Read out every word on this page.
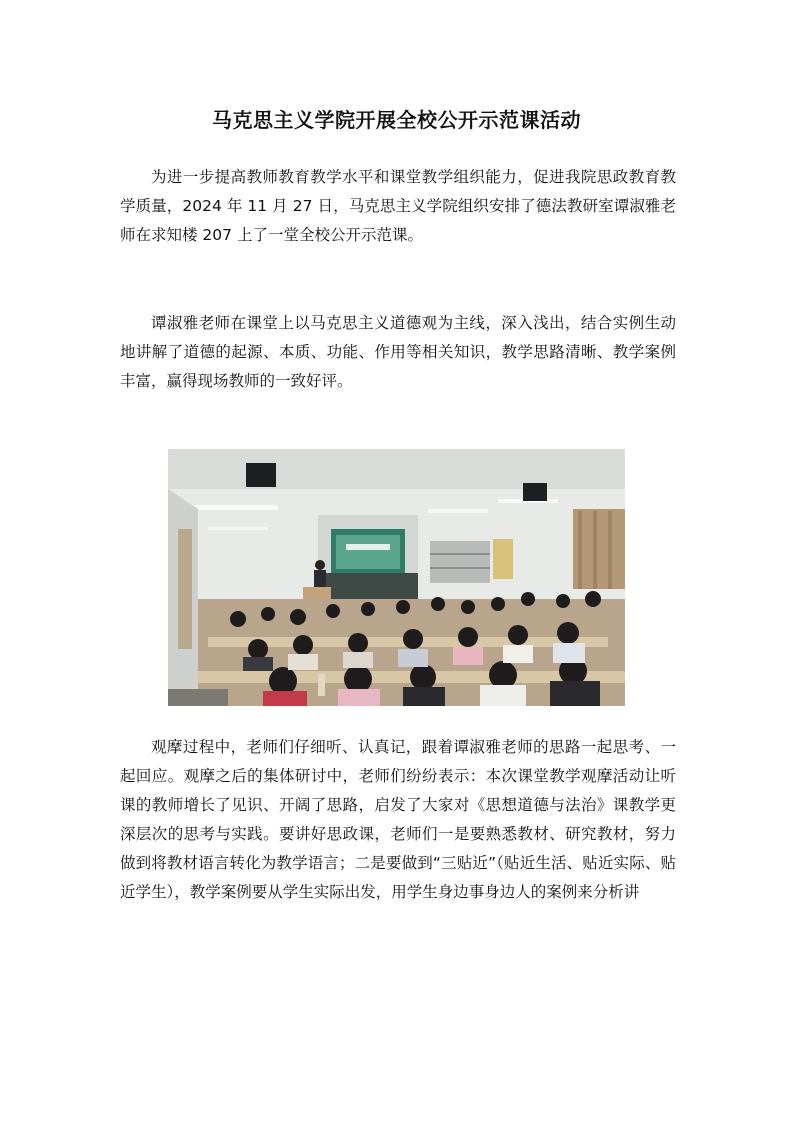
马克思主义学院开展全校公开示范课活动

为进一步提高教师教育教学水平和课堂教学组织能力，促进我院思政教育教学质量，2024 年 11 月 27 日，马克思主义学院组织安排了德法教研室谭淑雅老师在求知楼 207 上了一堂全校公开示范课。

谭淑雅老师在课堂上以马克思主义道德观为主线，深入浅出，结合实例生动地讲解了道德的起源、本质、功能、作用等相关知识，教学思路清晰、教学案例丰富，赢得现场教师的一致好评。

观摩过程中，老师们仔细听、认真记，跟着谭淑雅老师的思路一起思考、一起回应。观摩之后的集体研讨中，老师们纷纷表示：本次课堂教学观摩活动让听课的教师增长了见识、开阔了思路，启发了大家对《思想道德与法治》课教学更深层次的思考与实践。要讲好思政课，老师们一是要熟悉教材、研究教材，努力做到将教材语言转化为教学语言；二是要做到“三贴近”（贴近生活、贴近实际、贴近学生），教学案例要从学生实际出发，用学生身边事身边人的案例来分析讲
